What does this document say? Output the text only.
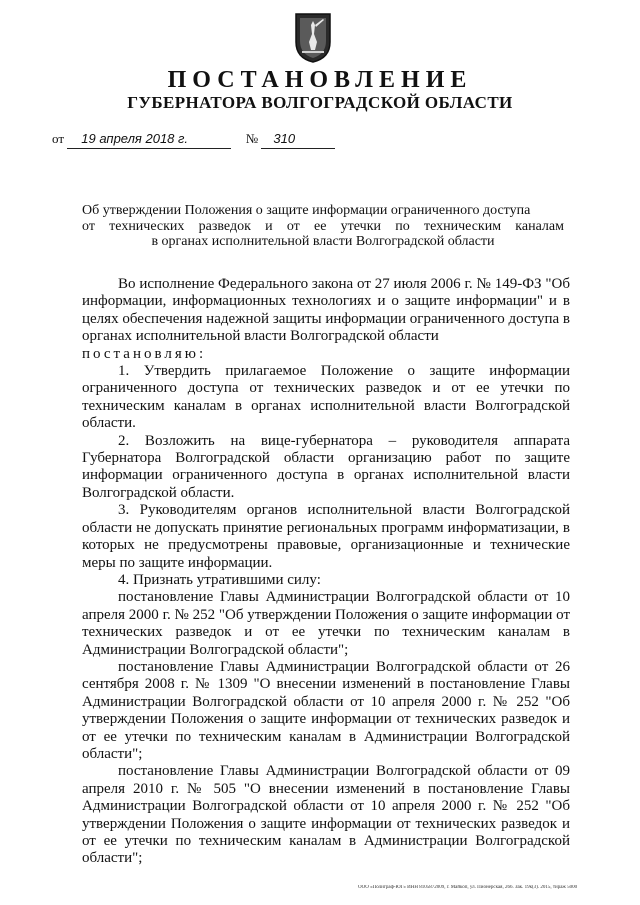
ПОСТАНОВЛЕНИЕ
ГУБЕРНАТОРА ВОЛГОГРАДСКОЙ ОБЛАСТИ
от 19 апреля 2018 г.	№ 310
Об утверждении Положения о защите информации ограниченного доступа
от технических разведок и от ее утечки по техническим каналам
в органах исполнительной власти Волгоградской области

Во исполнение Федерального закона от 27 июля 2006 г. № 149-ФЗ "Об информации, информационных технологиях и о защите информации" и в целях обеспечения надежной защиты информации ограниченного доступа в органах исполнительной власти Волгоградской области

постановляю:

1. Утвердить прилагаемое Положение о защите информации ограниченного доступа от технических разведок и от ее утечки по техническим каналам в органах исполнительной власти Волгоградской области.

2. Возложить на вице-губернатора – руководителя аппарата Губернатора Волгоградской области организацию работ по защите информации ограниченного доступа в органах исполнительной власти Волгоградской области.

3. Руководителям органов исполнительной власти Волгоградской области не допускать принятие региональных программ информатизации, в которых не предусмотрены правовые, организационные и технические меры по защите информации.

4. Признать утратившими силу:

постановление Главы Администрации Волгоградской области от 10 апреля 2000 г. № 252 "Об утверждении Положения о защите информации от технических разведок и от ее утечки по техническим каналам в Администрации Волгоградской области";

постановление Главы Администрации Волгоградской области от 26 сентября 2008 г. № 1309 "О внесении изменений в постановление Главы Администрации Волгоградской области от 10 апреля 2000 г. № 252 "Об утверждении Положения о защите информации от технических разведок и от ее утечки по техническим каналам в Администрации Волгоградской области";

постановление Главы Администрации Волгоградской области от 09 апреля 2010 г. № 505 "О внесении изменений в постановление Главы Администрации Волгоградской области от 10 апреля 2000 г. № 252 "Об утверждении Положения о защите информации от технических разведок и от ее утечки по техническим каналам в Администрации Волгоградской области";

ООО «Полиграф-ЮГ» ИНН 8105872009, г. Майкоп, ул. Пионерская, 266. Зак. 19к(3). 2015, тираж 5000
